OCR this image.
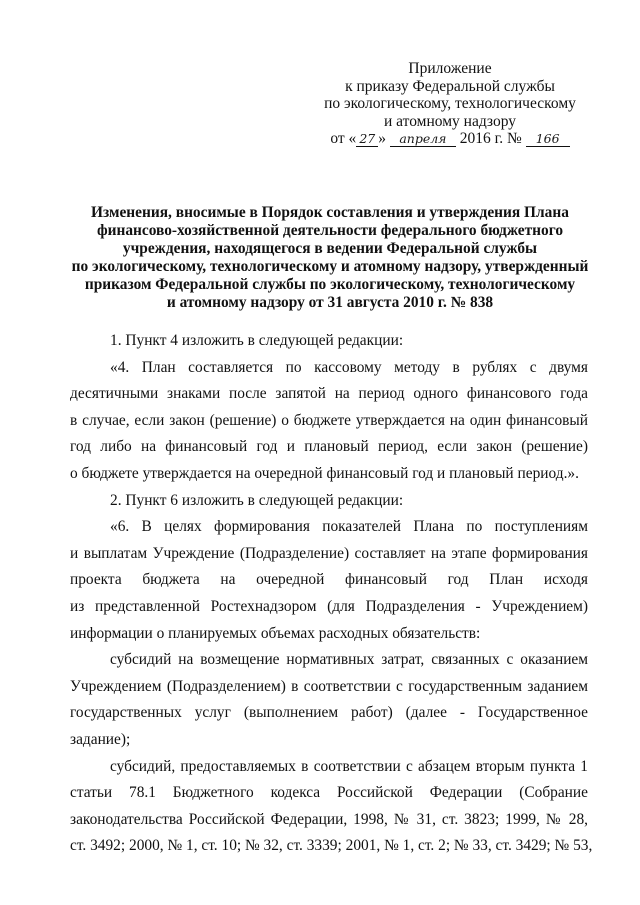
Приложение
к приказу Федеральной службы
по экологическому, технологическому
и атомному надзору
от « 27 » апреля 2016 г. № 166
Изменения, вносимые в Порядок составления и утверждения Плана
финансово-хозяйственной деятельности федерального бюджетного
учреждения, находящегося в ведении Федеральной службы
по экологическому, технологическому и атомному надзору, утвержденный
приказом Федеральной службы по экологическому, технологическому
и атомному надзору от 31 августа 2010 г. № 838
1. Пункт 4 изложить в следующей редакции:
«4. План составляется по кассовому методу в рублях с двумя
десятичными знаками после запятой на период одного финансового года
в случае, если закон (решение) о бюджете утверждается на один финансовый
год либо на финансовый год и плановый период, если закон (решение)
о бюджете утверждается на очередной финансовый год и плановый период.».
2. Пункт 6 изложить в следующей редакции:
«6. В целях формирования показателей Плана по поступлениям
и выплатам Учреждение (Подразделение) составляет на этапе формирования
проекта бюджета на очередной финансовый год План исходя
из представленной Ростехнадзором (для Подразделения - Учреждением)
информации о планируемых объемах расходных обязательств:
субсидий на возмещение нормативных затрат, связанных с оказанием
Учреждением (Подразделением) в соответствии с государственным заданием
государственных услуг (выполнением работ) (далее - Государственное
задание);
субсидий, предоставляемых в соответствии с абзацем вторым пункта 1
статьи 78.1 Бюджетного кодекса Российской Федерации (Собрание
законодательства Российской Федерации, 1998, № 31, ст. 3823; 1999, № 28,
ст. 3492; 2000, № 1, ст. 10; № 32, ст. 3339; 2001, № 1, ст. 2; № 33, ст. 3429; № 53,
